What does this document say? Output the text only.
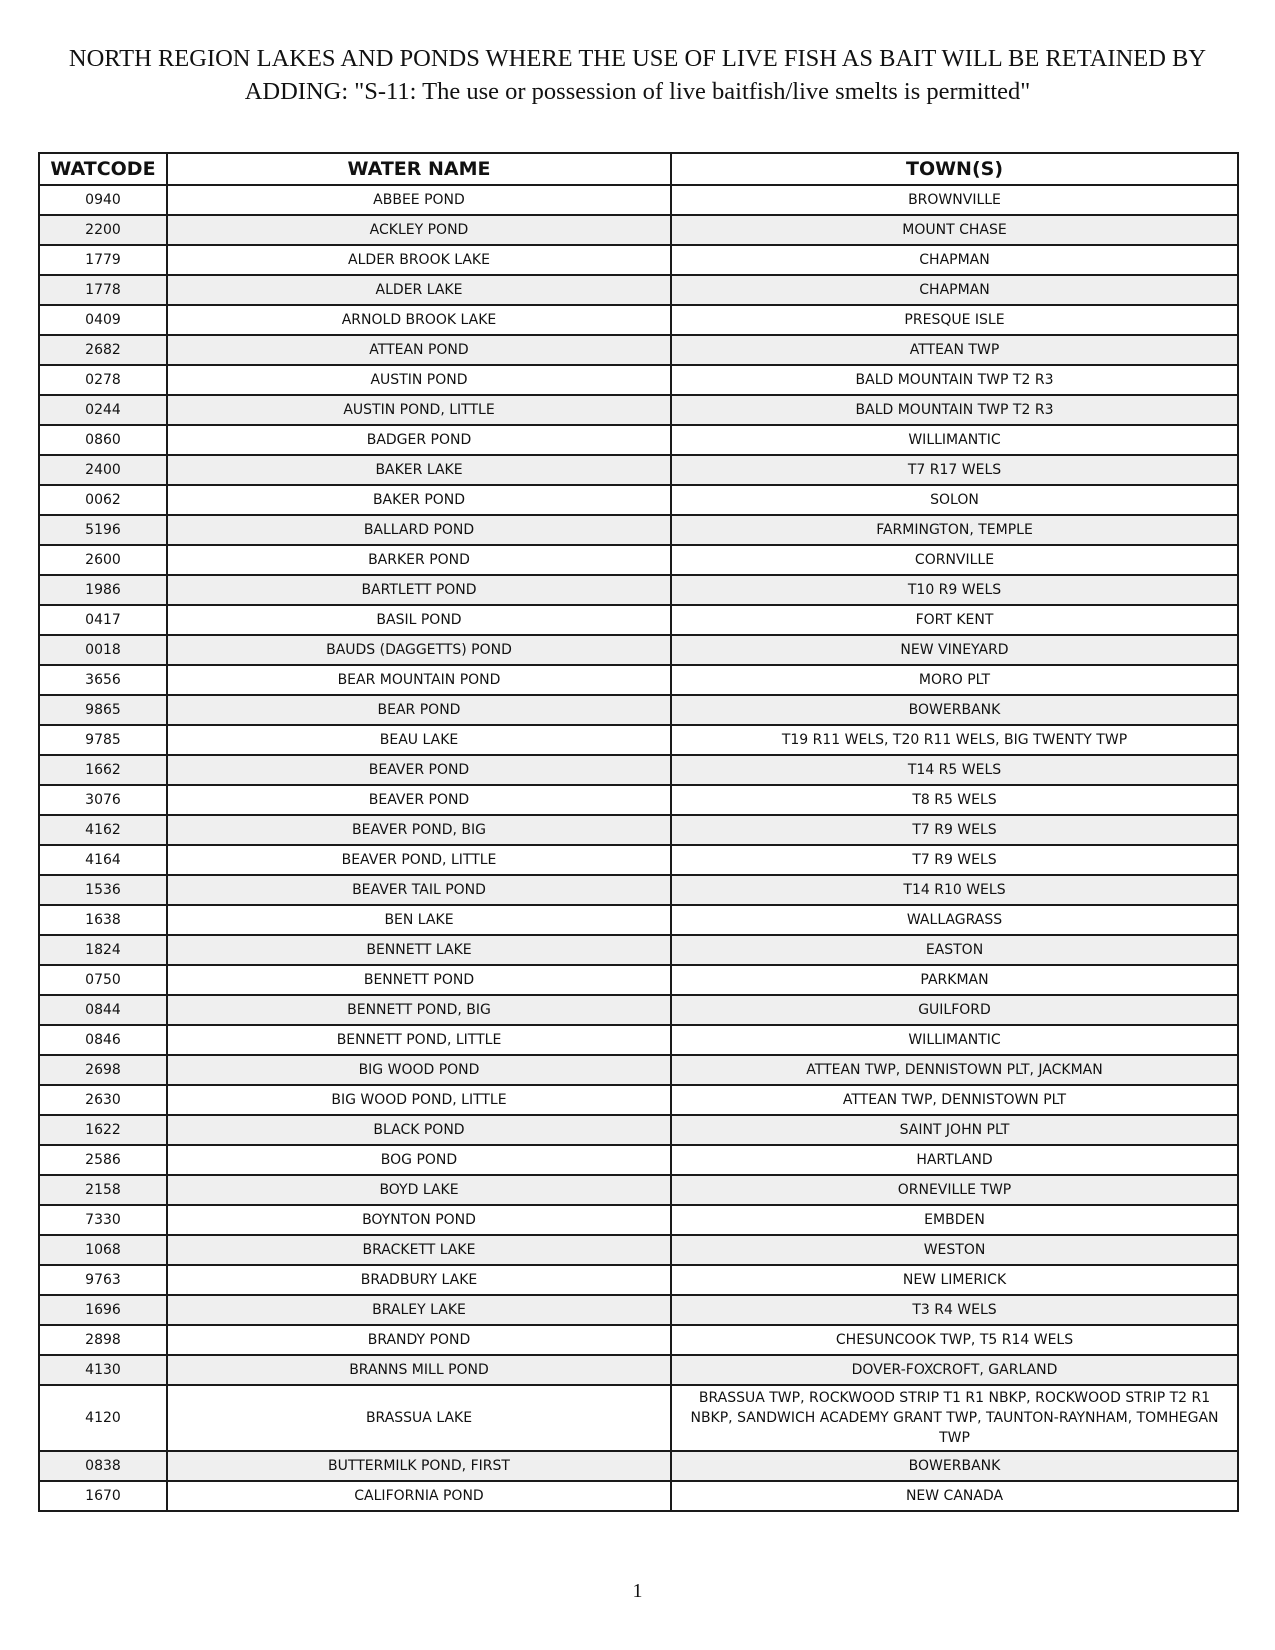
NORTH REGION LAKES AND PONDS WHERE THE USE OF LIVE FISH AS BAIT WILL BE RETAINED BY
ADDING: "S-11: The use or possession of live baitfish/live smelts is permitted"
WATCODE	WATER NAME	TOWN(S)
0940	ABBEE POND	BROWNVILLE
2200	ACKLEY POND	MOUNT CHASE
1779	ALDER BROOK LAKE	CHAPMAN
1778	ALDER LAKE	CHAPMAN
0409	ARNOLD BROOK LAKE	PRESQUE ISLE
2682	ATTEAN POND	ATTEAN TWP
0278	AUSTIN POND	BALD MOUNTAIN TWP T2 R3
0244	AUSTIN POND, LITTLE	BALD MOUNTAIN TWP T2 R3
0860	BADGER POND	WILLIMANTIC
2400	BAKER LAKE	T7 R17 WELS
0062	BAKER POND	SOLON
5196	BALLARD POND	FARMINGTON, TEMPLE
2600	BARKER POND	CORNVILLE
1986	BARTLETT POND	T10 R9 WELS
0417	BASIL POND	FORT KENT
0018	BAUDS (DAGGETTS) POND	NEW VINEYARD
3656	BEAR MOUNTAIN POND	MORO PLT
9865	BEAR POND	BOWERBANK
9785	BEAU LAKE	T19 R11 WELS, T20 R11 WELS, BIG TWENTY TWP
1662	BEAVER POND	T14 R5 WELS
3076	BEAVER POND	T8 R5 WELS
4162	BEAVER POND, BIG	T7 R9 WELS
4164	BEAVER POND, LITTLE	T7 R9 WELS
1536	BEAVER TAIL POND	T14 R10 WELS
1638	BEN LAKE	WALLAGRASS
1824	BENNETT LAKE	EASTON
0750	BENNETT POND	PARKMAN
0844	BENNETT POND, BIG	GUILFORD
0846	BENNETT POND, LITTLE	WILLIMANTIC
2698	BIG WOOD POND	ATTEAN TWP, DENNISTOWN PLT, JACKMAN
2630	BIG WOOD POND, LITTLE	ATTEAN TWP, DENNISTOWN PLT
1622	BLACK POND	SAINT JOHN PLT
2586	BOG POND	HARTLAND
2158	BOYD LAKE	ORNEVILLE TWP
7330	BOYNTON POND	EMBDEN
1068	BRACKETT LAKE	WESTON
9763	BRADBURY LAKE	NEW LIMERICK
1696	BRALEY LAKE	T3 R4 WELS
2898	BRANDY POND	CHESUNCOOK TWP, T5 R14 WELS
4130	BRANNS MILL POND	DOVER-FOXCROFT, GARLAND
4120	BRASSUA LAKE	BRASSUA TWP, ROCKWOOD STRIP T1 R1 NBKP, ROCKWOOD STRIP T2 R1 NBKP, SANDWICH ACADEMY GRANT TWP, TAUNTON-RAYNHAM, TOMHEGAN TWP
0838	BUTTERMILK POND, FIRST	BOWERBANK
1670	CALIFORNIA POND	NEW CANADA
1
